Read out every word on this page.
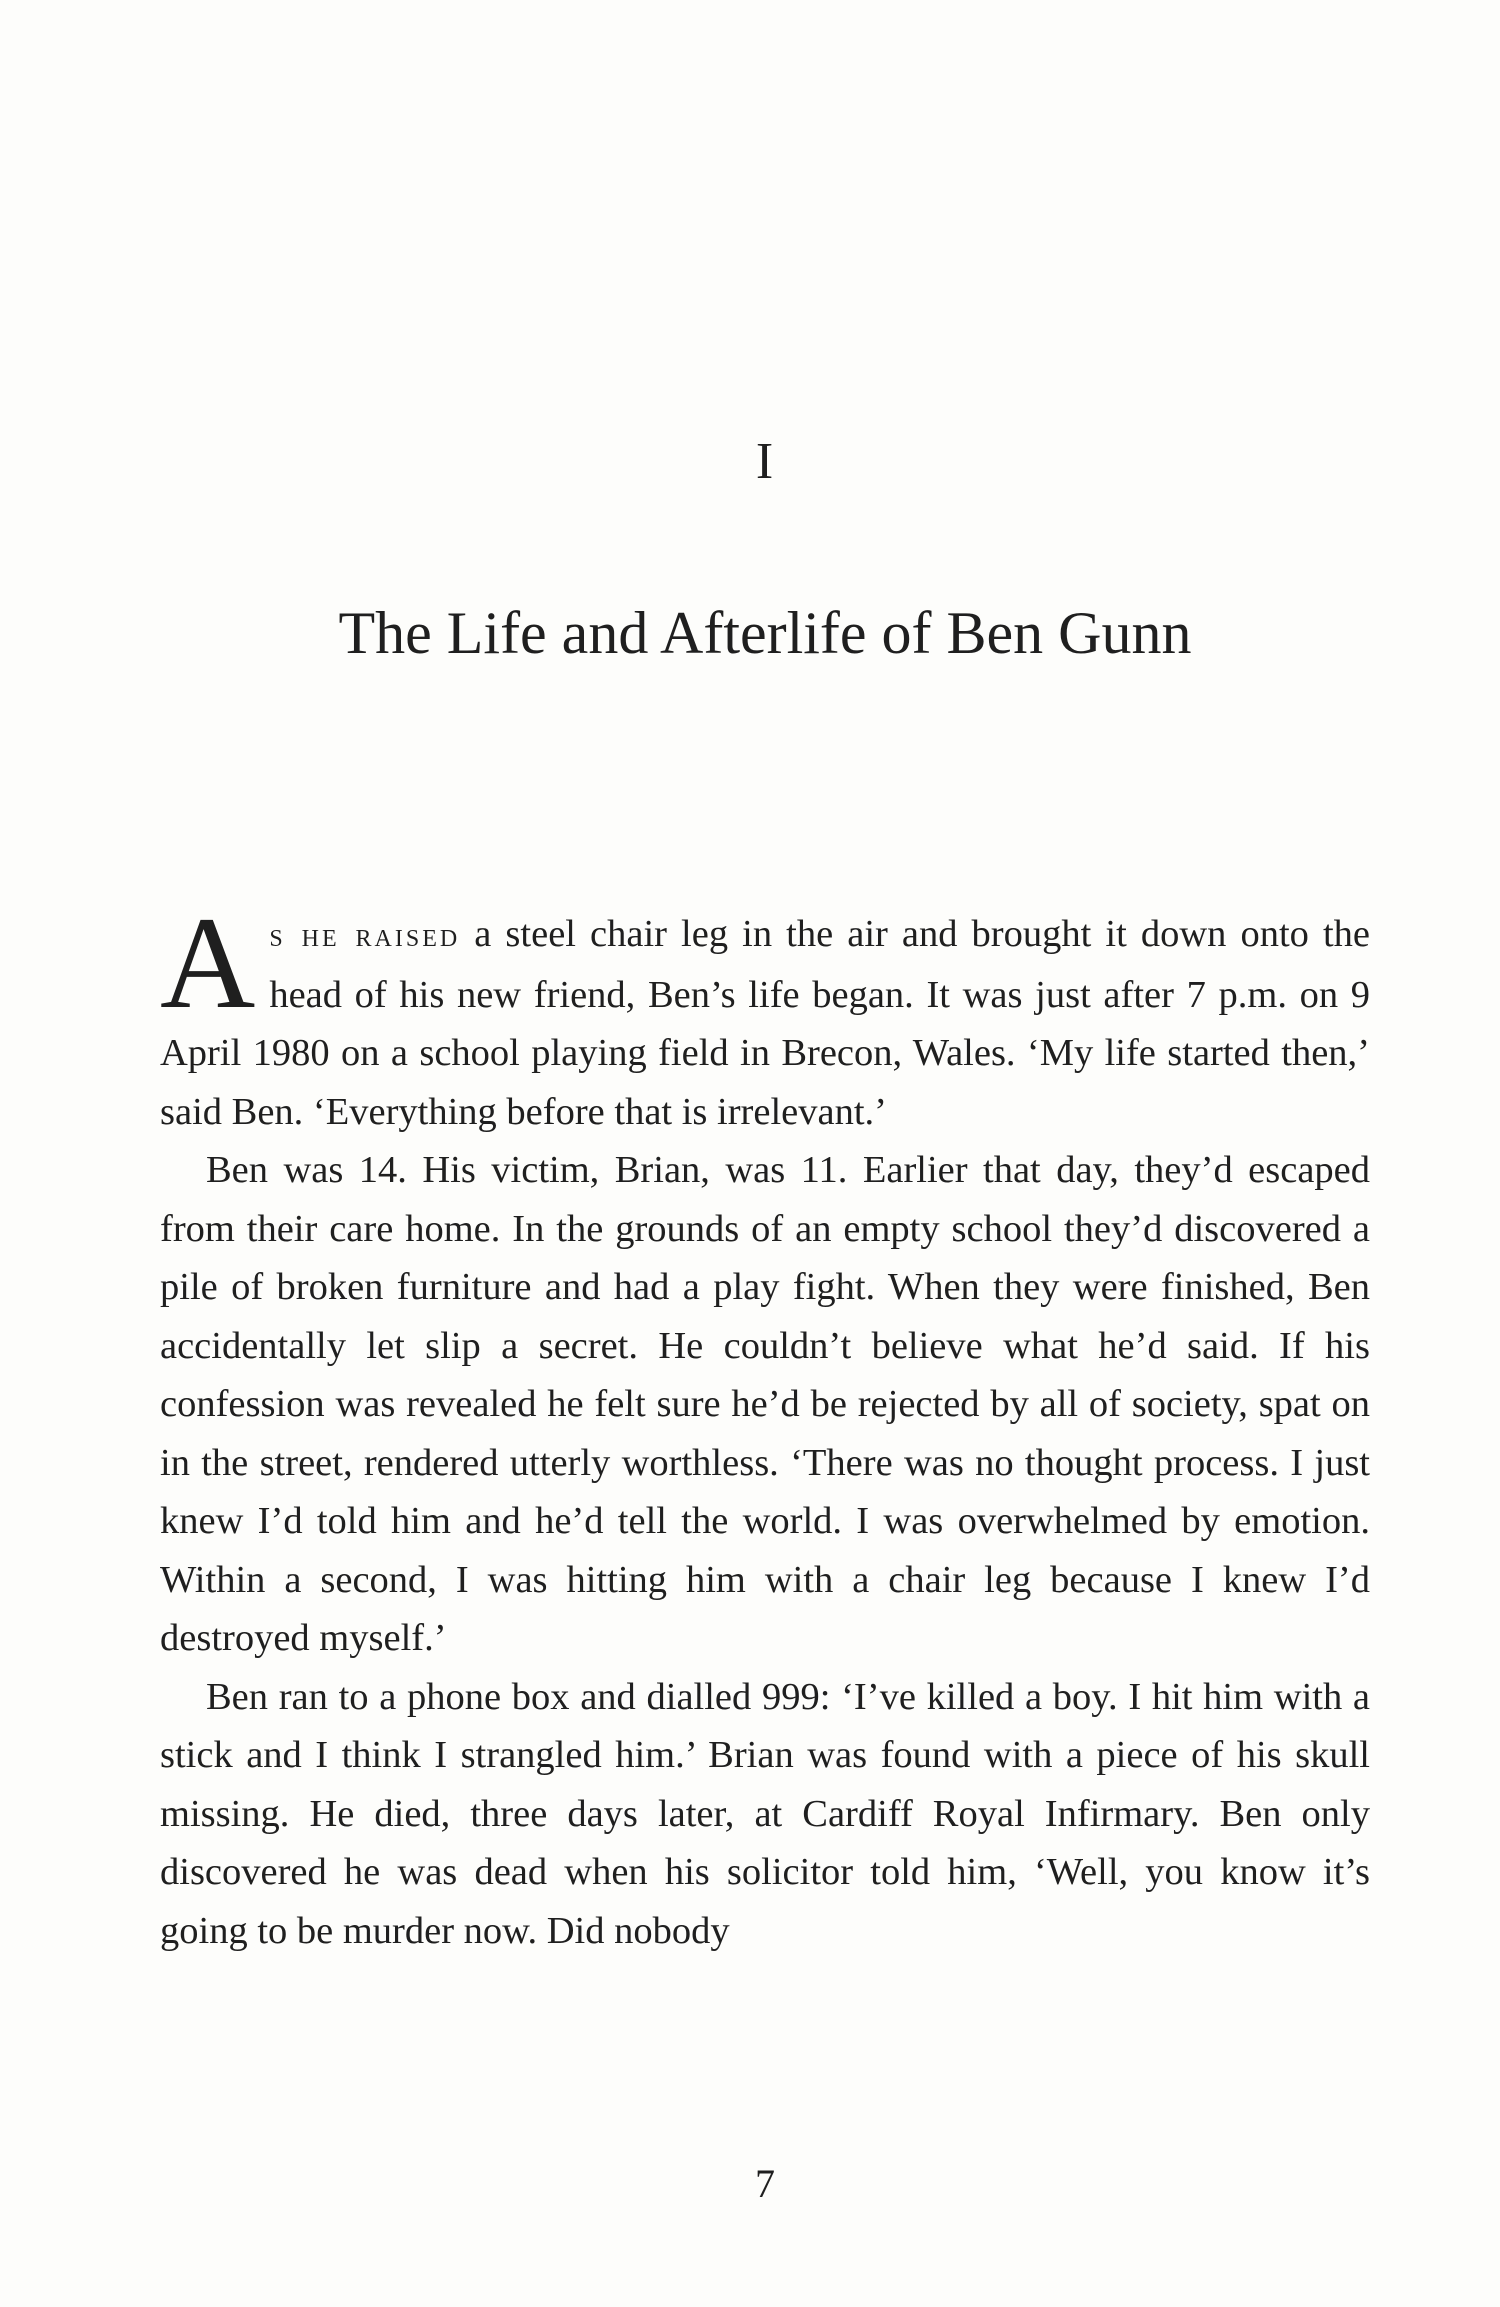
I
The Life and Afterlife of Ben Gunn

As he raised a steel chair leg in the air and brought it down onto the head of his new friend, Ben’s life began. It was just after 7 p.m. on 9 April 1980 on a school playing field in Brecon, Wales. ‘My life started then,’ said Ben. ‘Everything before that is irrelevant.’

Ben was 14. His victim, Brian, was 11. Earlier that day, they’d escaped from their care home. In the grounds of an empty school they’d discovered a pile of broken furniture and had a play fight. When they were finished, Ben accidentally let slip a secret. He couldn’t believe what he’d said. If his confession was revealed he felt sure he’d be rejected by all of society, spat on in the street, rendered utterly worthless. ‘There was no thought process. I just knew I’d told him and he’d tell the world. I was overwhelmed by emotion. Within a second, I was hitting him with a chair leg because I knew I’d destroyed myself.’

Ben ran to a phone box and dialled 999: ‘I’ve killed a boy. I hit him with a stick and I think I strangled him.’ Brian was found with a piece of his skull missing. He died, three days later, at Cardiff Royal Infirmary. Ben only discovered he was dead when his solicitor told him, ‘Well, you know it’s going to be murder now. Did nobody

7
